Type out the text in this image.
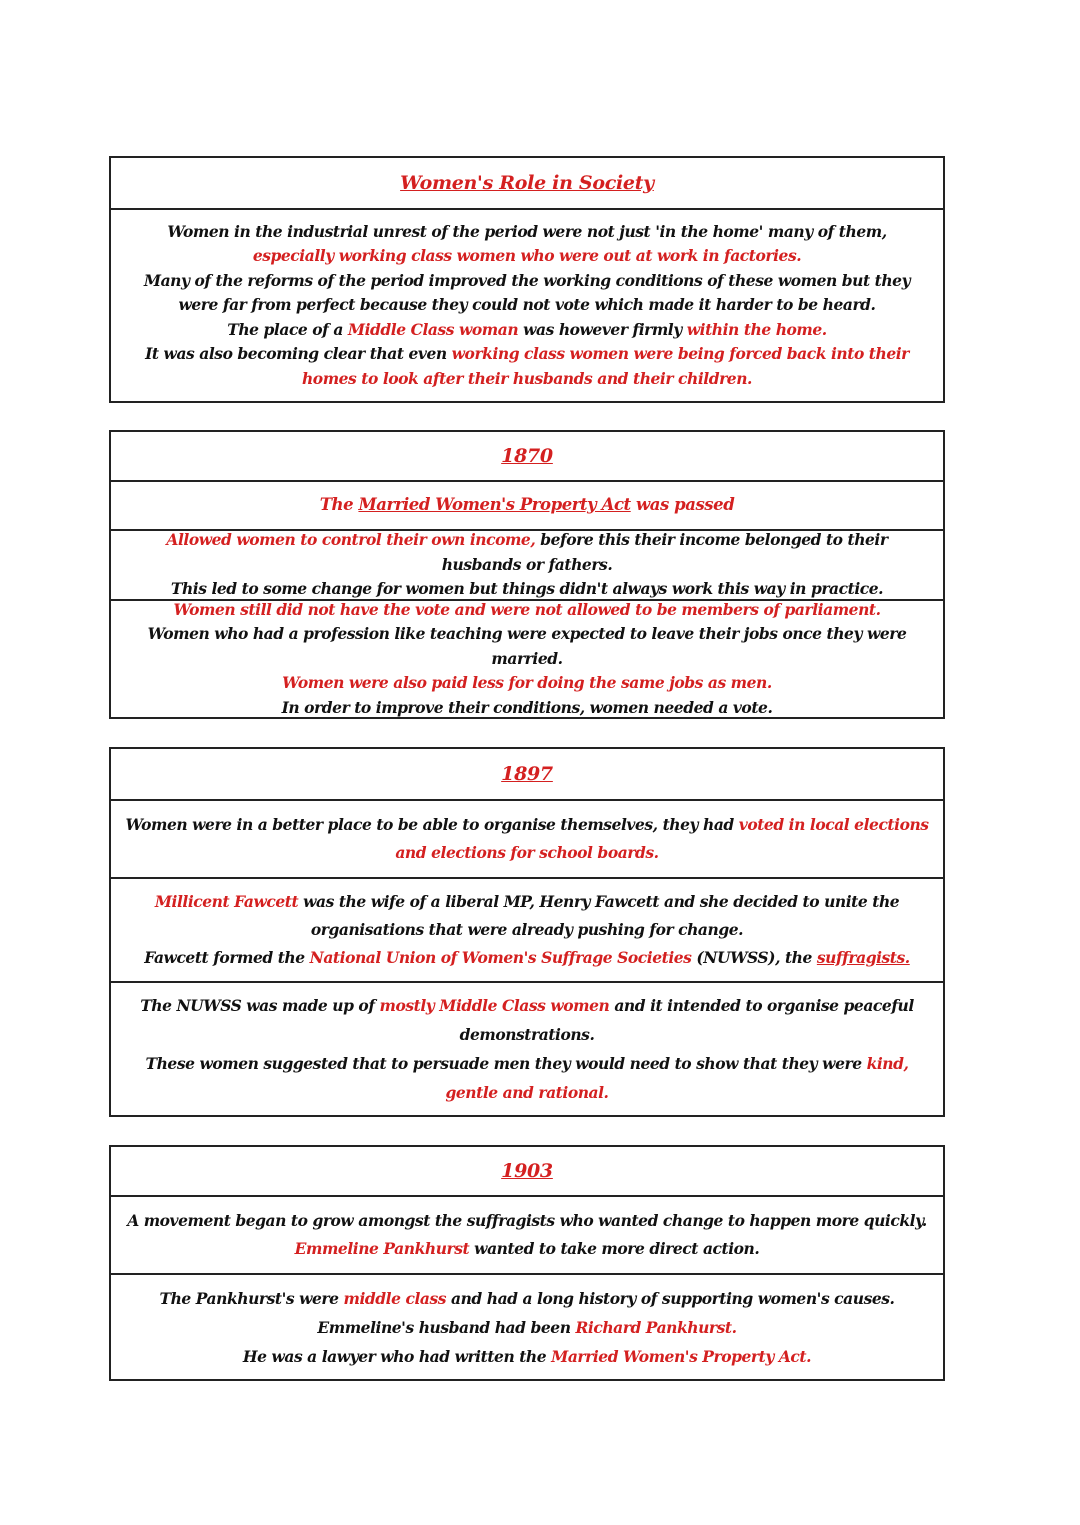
Women's Role in Society
Women in the industrial unrest of the period were not just 'in the home' many of them, especially working class women who were out at work in factories.
Many of the reforms of the period improved the working conditions of these women but they were far from perfect because they could not vote which made it harder to be heard.
The place of a Middle Class woman was however firmly within the home.
It was also becoming clear that even working class women were being forced back into their homes to look after their husbands and their children.
1870
The Married Women's Property Act was passed
Allowed women to control their own income, before this their income belonged to their husbands or fathers.
This led to some change for women but things didn't always work this way in practice.
Women still did not have the vote and were not allowed to be members of parliament.
Women who had a profession like teaching were expected to leave their jobs once they were married.
Women were also paid less for doing the same jobs as men.
In order to improve their conditions, women needed a vote.
1897
Women were in a better place to be able to organise themselves, they had voted in local elections and elections for school boards.
Millicent Fawcett was the wife of a liberal MP, Henry Fawcett and she decided to unite the organisations that were already pushing for change.
Fawcett formed the National Union of Women's Suffrage Societies (NUWSS), the suffragists.
The NUWSS was made up of mostly Middle Class women and it intended to organise peaceful demonstrations.
These women suggested that to persuade men they would need to show that they were kind, gentle and rational.
1903
A movement began to grow amongst the suffragists who wanted change to happen more quickly.
Emmeline Pankhurst wanted to take more direct action.
The Pankhurst's were middle class and had a long history of supporting women's causes.
Emmeline's husband had been Richard Pankhurst.
He was a lawyer who had written the Married Women's Property Act.
